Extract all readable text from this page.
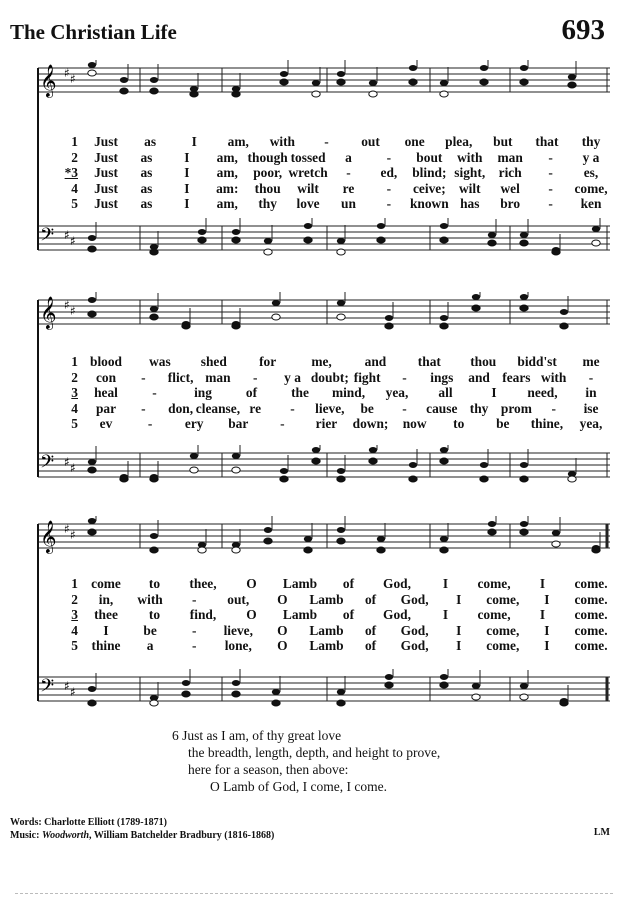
The Christian Life	693
𝄞 ♯ ♯
𝄢 ♯ ♯
1 Just as	I am, with - out one plea, but that thy
2 Just as I am, though tossed a	- bout with man - y a
*3 Just as I am, poor, wretch - ed, blind; sight, rich - es,
4 Just as I am: thou wilt re - ceive; wilt wel - come,
5 Just as I am, thy love un - known has bro - ken
𝄞 ♯ ♯
𝄢 ♯ ♯
1 blood was shed for	me, and that thou bidd'st me
2 con - flict, man - y a doubt; fight - ings and fears with -
3 heal	-	ing	of	the mind, yea, all	I need, in
4 par - don, cleanse, re - lieve, be - cause thy prom - ise
5 ev	- ery bar - rier down; now to be thine, yea,
𝄞 ♯ ♯
𝄢 ♯ ♯
1 come to thee, O Lamb of God, I come, I come.
2 in, with - out, O Lamb of God, I come, I come.
3 thee to find, O Lamb of God, I come, I come.
4 I	be	- lieve, O Lamb of God, I come, I come.
5 thine a	- lone, O Lamb of God, I come, I come.
6 Just as I am, of thy great love
the breadth, length, depth, and height to prove,
here for a season, then above:
O Lamb of God, I come, I come.
Words: Charlotte Elliott (1789-1871)
Music: Woodworth, William Batchelder Bradbury (1816-1868)	LM
